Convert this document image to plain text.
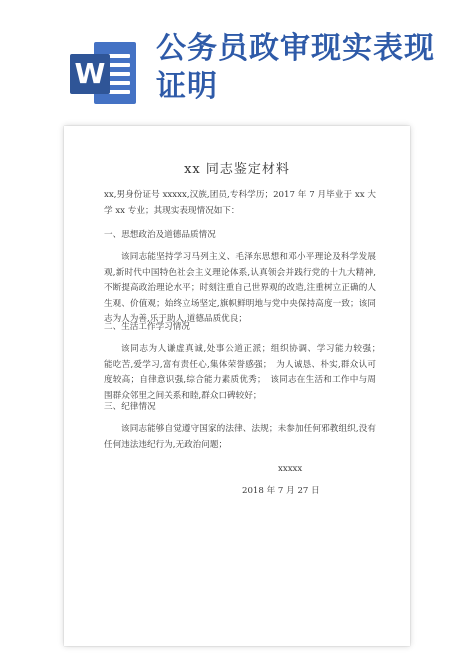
W
公务员政审现实表现证明
xx 同志鉴定材料
xx,男身份证号 xxxxx,汉族,团员,专科学历；2017 年 7 月毕业于 xx 大学 xx 专业；其现实表现情况如下：
一、思想政治及道德品质情况
该同志能坚持学习马列主义、毛泽东思想和邓小平理论及科学发展观,新时代中国特色社会主义理论体系,认真领会并践行党的十九大精神,不断提高政治理论水平；时刻注重自己世界观的改造,注重树立正确的人生观、价值观；始终立场坚定,旗帜鲜明地与党中央保持高度一致；该同志为人为善,乐于助人,道德品质优良；
二、生活工作学习情况
该同志为人谦虚真诚,处事公道正派；组织协调、学习能力较强；　能吃苦,爱学习,富有责任心,集体荣誉感强；　为人诚恳、朴实,群众认可度较高；自律意识强,综合能力素质优秀；　该同志在生活和工作中与周围群众邻里之间关系和睦,群众口碑较好；
三、纪律情况
该同志能够自觉遵守国家的法律、法规；未参加任何邪教组织,没有任何违法违纪行为,无政治问题；
xxxxx
2018 年 7 月 27 日
